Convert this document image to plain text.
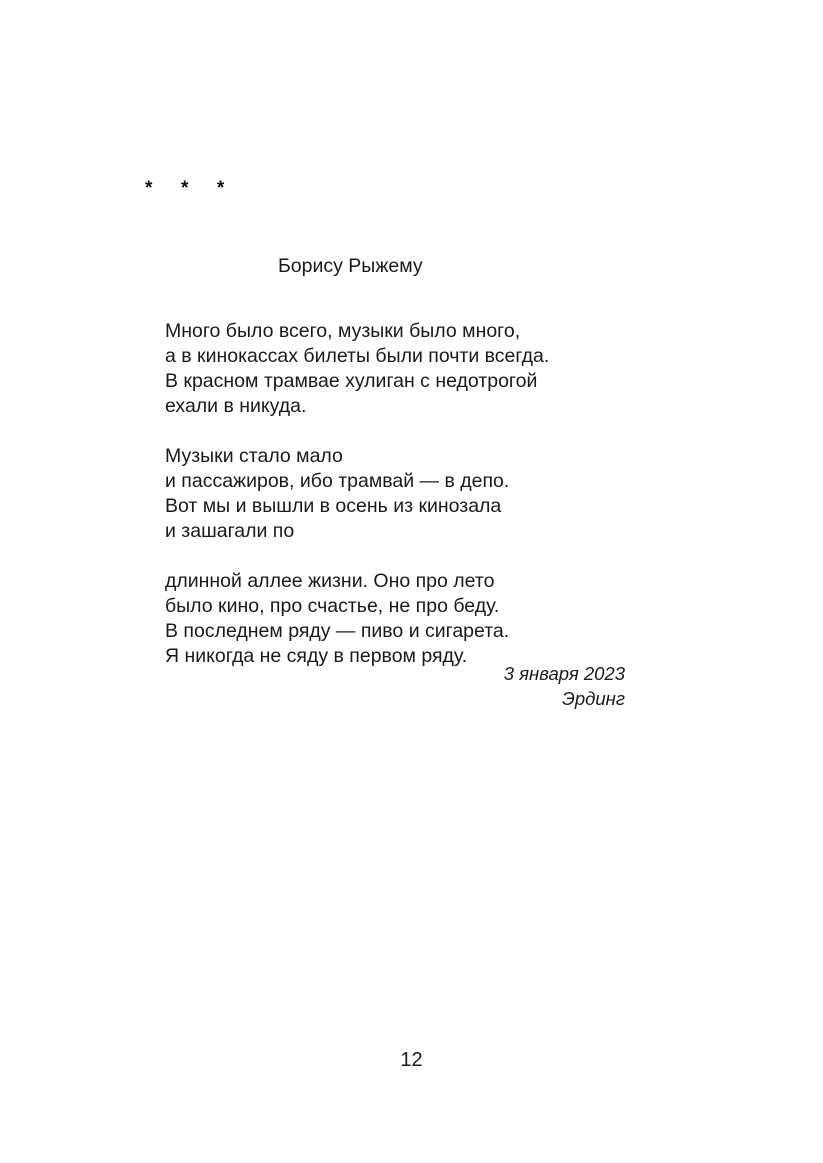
*  *  *
Борису Рыжему
Много было всего, музыки было много,
а в кинокассах билеты были почти всегда.
В красном трамвае хулиган с недотрогой
ехали в никуда.
Музыки стало мало
и пассажиров, ибо трамвай — в депо.
Вот мы и вышли в осень из кинозала
и зашагали по
длинной аллее жизни. Оно про лето
было кино, про счастье, не про беду.
В последнем ряду — пиво и сигарета.
Я никогда не сяду в первом ряду.
3 января 2023
Эрдинг
12
